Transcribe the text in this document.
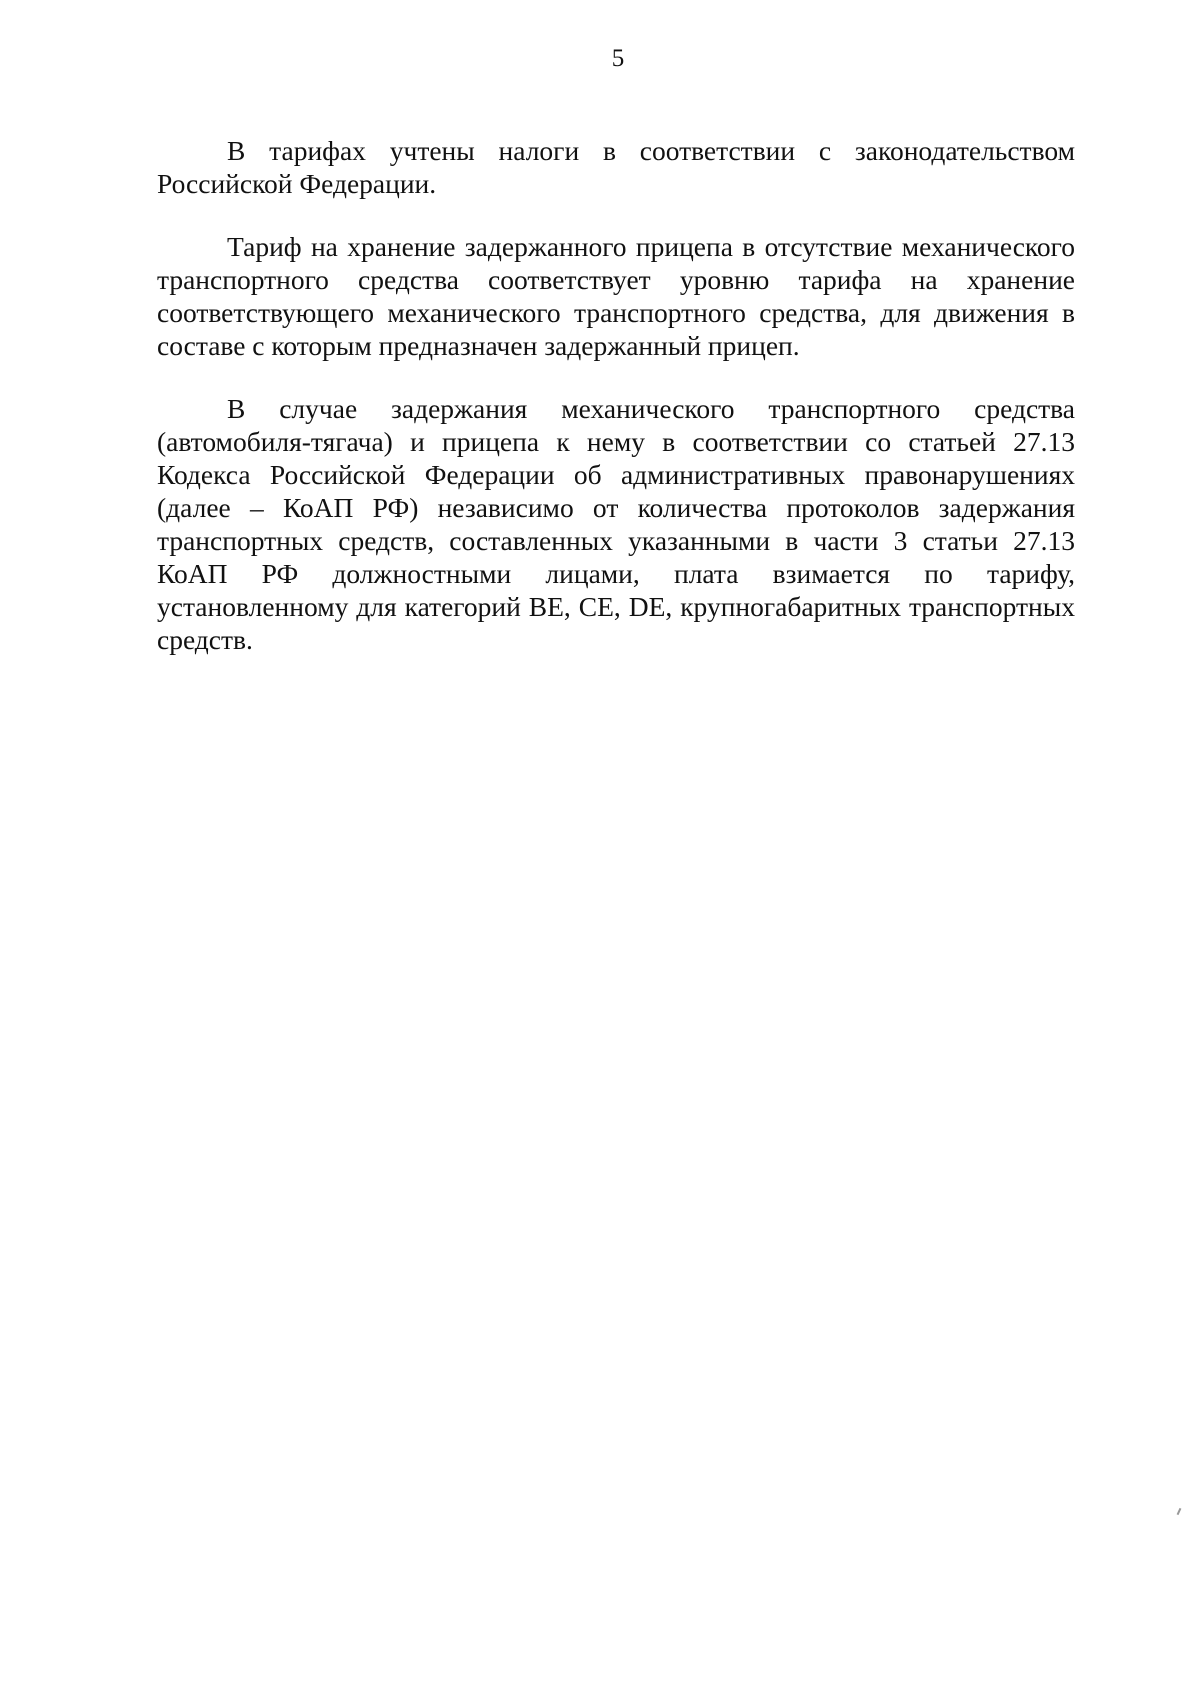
5

В тарифах учтены налоги в соответствии с законодательством Российской Федерации.

Тариф на хранение задержанного прицепа в отсутствие механического транспортного средства соответствует уровню тарифа на хранение соответствующего механического транспортного средства, для движения в составе с которым предназначен задержанный прицеп.

В случае задержания механического транспортного средства (автомобиля-тягача) и прицепа к нему в соответствии со статьей 27.13 Кодекса Российской Федерации об административных правонарушениях (далее – КоАП РФ) независимо от количества протоколов задержания транспортных средств, составленных указанными в части 3 статьи 27.13 КоАП РФ должностными лицами, плата взимается по тарифу, установленному для категорий BE, CE, DE, крупногабаритных транспортных средств.
